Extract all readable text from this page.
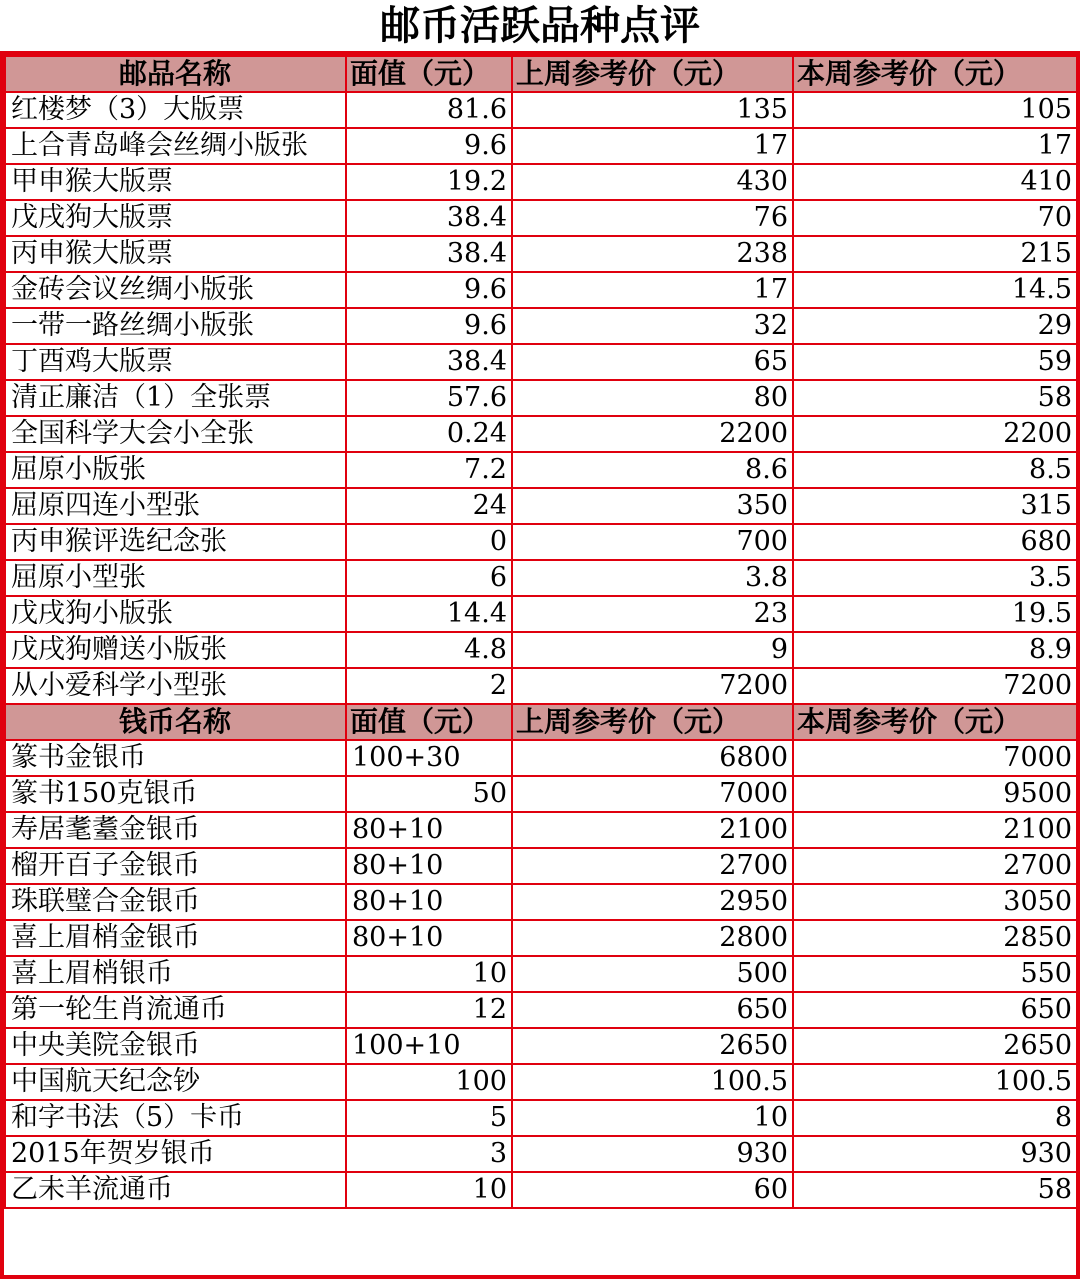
邮币活跃品种点评
邮品名称	面值（元）	上周参考价（元）	本周参考价（元）
红楼梦（3）大版票	81.6	135	105
上合青岛峰会丝绸小版张	9.6	17	17
甲申猴大版票	19.2	430	410
戊戌狗大版票	38.4	76	70
丙申猴大版票	38.4	238	215
金砖会议丝绸小版张	9.6	17	14.5
一带一路丝绸小版张	9.6	32	29
丁酉鸡大版票	38.4	65	59
清正廉洁（1）全张票	57.6	80	58
全国科学大会小全张	0.24	2200	2200
屈原小版张	7.2	8.6	8.5
屈原四连小型张	24	350	315
丙申猴评选纪念张	0	700	680
屈原小型张	6	3.8	3.5
戊戌狗小版张	14.4	23	19.5
戊戌狗赠送小版张	4.8	9	8.9
从小爱科学小型张	2	7200	7200
钱币名称	面值（元）	上周参考价（元）	本周参考价（元）
篆书金银币	100+30	6800	7000
篆书150克银币	50	7000	9500
寿居耄耋金银币	80+10	2100	2100
榴开百子金银币	80+10	2700	2700
珠联璧合金银币	80+10	2950	3050
喜上眉梢金银币	80+10	2800	2850
喜上眉梢银币	10	500	550
第一轮生肖流通币	12	650	650
中央美院金银币	100+10	2650	2650
中国航天纪念钞	100	100.5	100.5
和字书法（5）卡币	5	10	8
2015年贺岁银币	3	930	930
乙未羊流通币	10	60	58
